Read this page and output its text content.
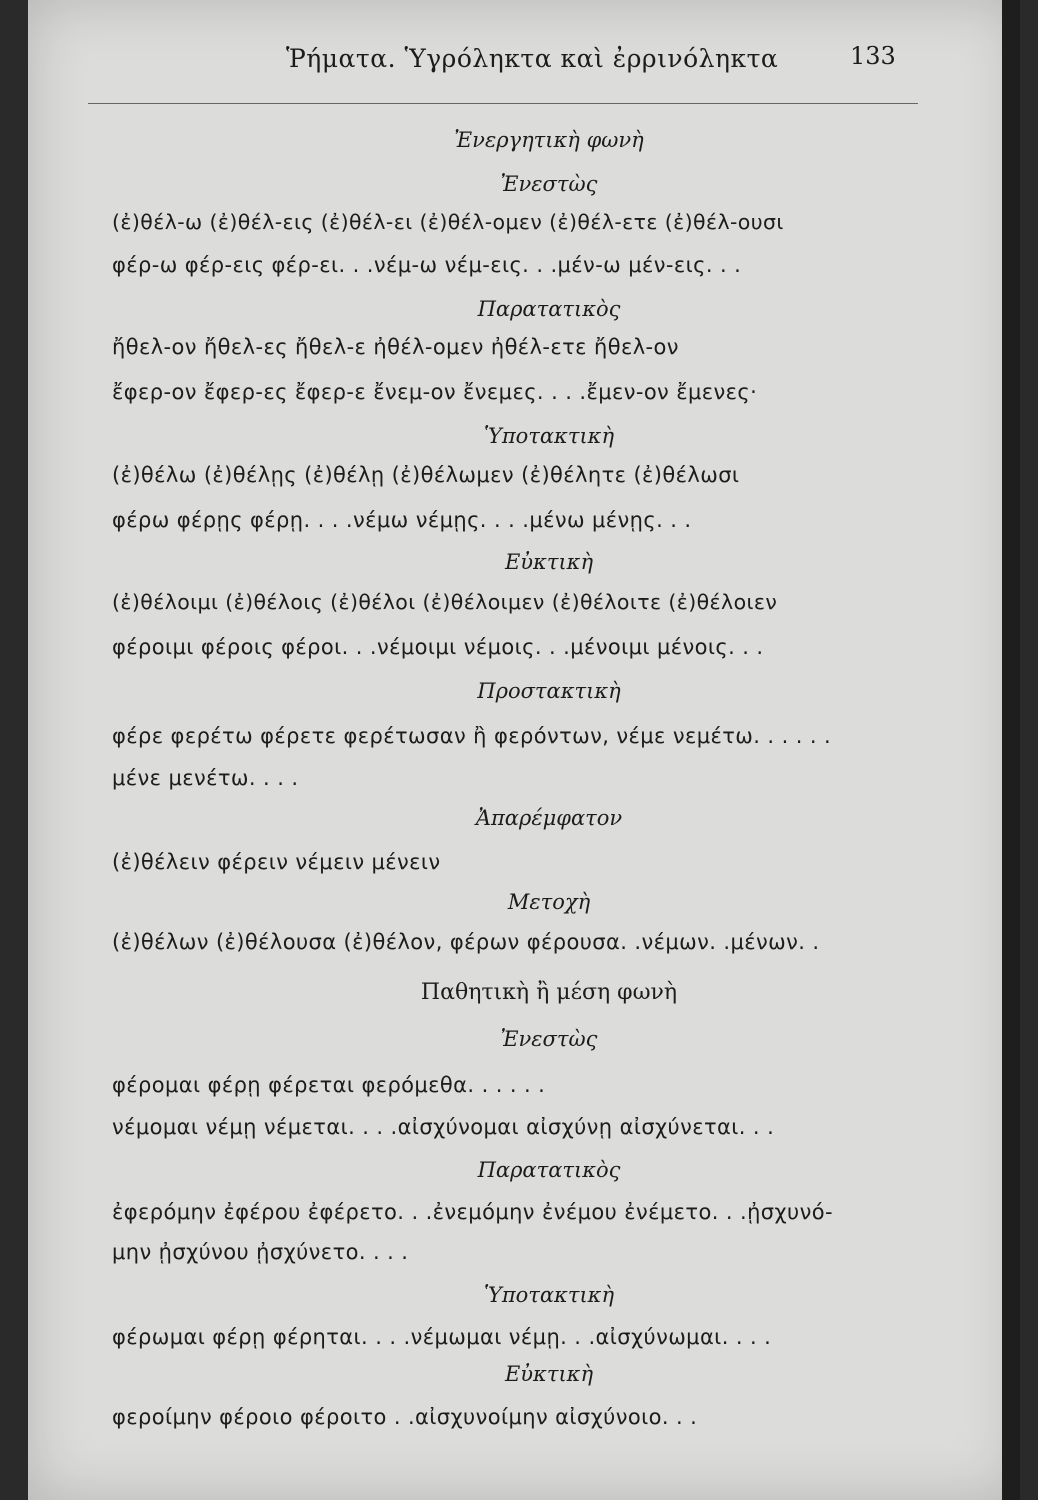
Ῥήματα. Ὑγρόληκτα καὶ ἐρρινόληκτα	133
Ἐνεργητικὴ φωνὴ
Ἐνεστὼς
(ἐ)θέλ-ω (ἐ)θέλ-εις (ἐ)θέλ-ει (ἐ)θέλ-ομεν (ἐ)θέλ-ετε (ἐ)θέλ-ουσι
φέρ-ω φέρ-εις φέρ-ει. . .νέμ-ω νέμ-εις. . .μέν-ω μέν-εις. . .
Παρατατικὸς
ἤθελ-ον ἤθελ-ες ἤθελ-ε ἠθέλ-ομεν ἠθέλ-ετε ἤθελ-ον
ἔφερ-ον ἔφερ-ες ἔφερ-ε ἔνεμ-ον ἔνεμες. . . .ἔμεν-ον ἔμενες·
Ὑποτακτικὴ
(ἐ)θέλω (ἐ)θέλῃς (ἐ)θέλῃ (ἐ)θέλωμεν (ἐ)θέλητε (ἐ)θέλωσι
φέρω φέρῃς φέρῃ. . . .νέμω νέμῃς. . . .μένω μένῃς. . .
Εὐκτικὴ
(ἐ)θέλοιμι (ἐ)θέλοις (ἐ)θέλοι (ἐ)θέλοιμεν (ἐ)θέλοιτε (ἐ)θέλοιεν
φέροιμι φέροις φέροι. . .νέμοιμι νέμοις. . .μένοιμι μένοις. . .
Προστακτικὴ
φέρε φερέτω φέρετε φερέτωσαν ἢ φερόντων, νέμε νεμέτω. . . . . .
μένε μενέτω. . . .
Ἀπαρέμφατον
(ἐ)θέλειν φέρειν νέμειν μένειν
Μετοχὴ
(ἐ)θέλων (ἐ)θέλουσα (ἐ)θέλον, φέρων φέρουσα. .νέμων. .μένων. .
Παθητικὴ ἢ μέση φωνὴ
Ἐνεστὼς
φέρομαι φέρῃ φέρεται φερόμεθα. . . . . .
νέμομαι νέμῃ νέμεται. . . .αἰσχύνομαι αἰσχύνῃ αἰσχύνεται. . .
Παρατατικὸς
ἐφερόμην ἐφέρου ἐφέρετο. . .ἐνεμόμην ἐνέμου ἐνέμετο. . .ᾐσχυνό-
μην ᾐσχύνου ᾐσχύνετο. . . .
Ὑποτακτικὴ
φέρωμαι φέρῃ φέρηται. . . .νέμωμαι νέμῃ. . .αἰσχύνωμαι. . . .
Εὐκτικὴ
φεροίμην φέροιο φέροιτο . .αἰσχυνοίμην αἰσχύνοιο. . .
